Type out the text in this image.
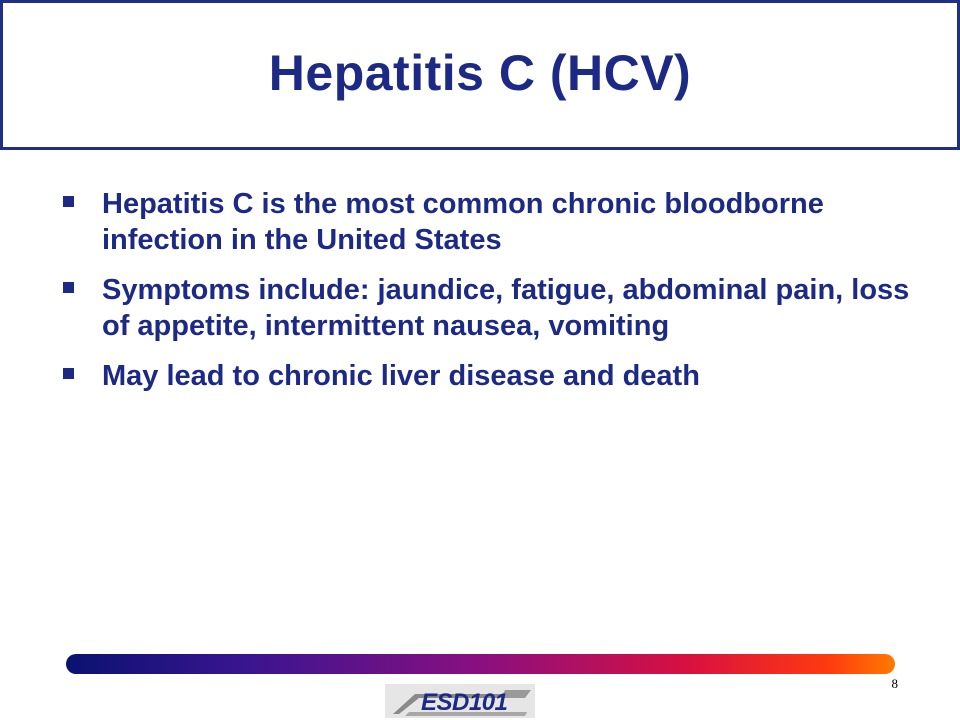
Hepatitis C (HCV)
Hepatitis C is the most common chronic bloodborne infection in the United States
Symptoms include: jaundice, fatigue, abdominal pain, loss of appetite, intermittent nausea, vomiting
May lead to chronic liver disease and death
8
ESD101
